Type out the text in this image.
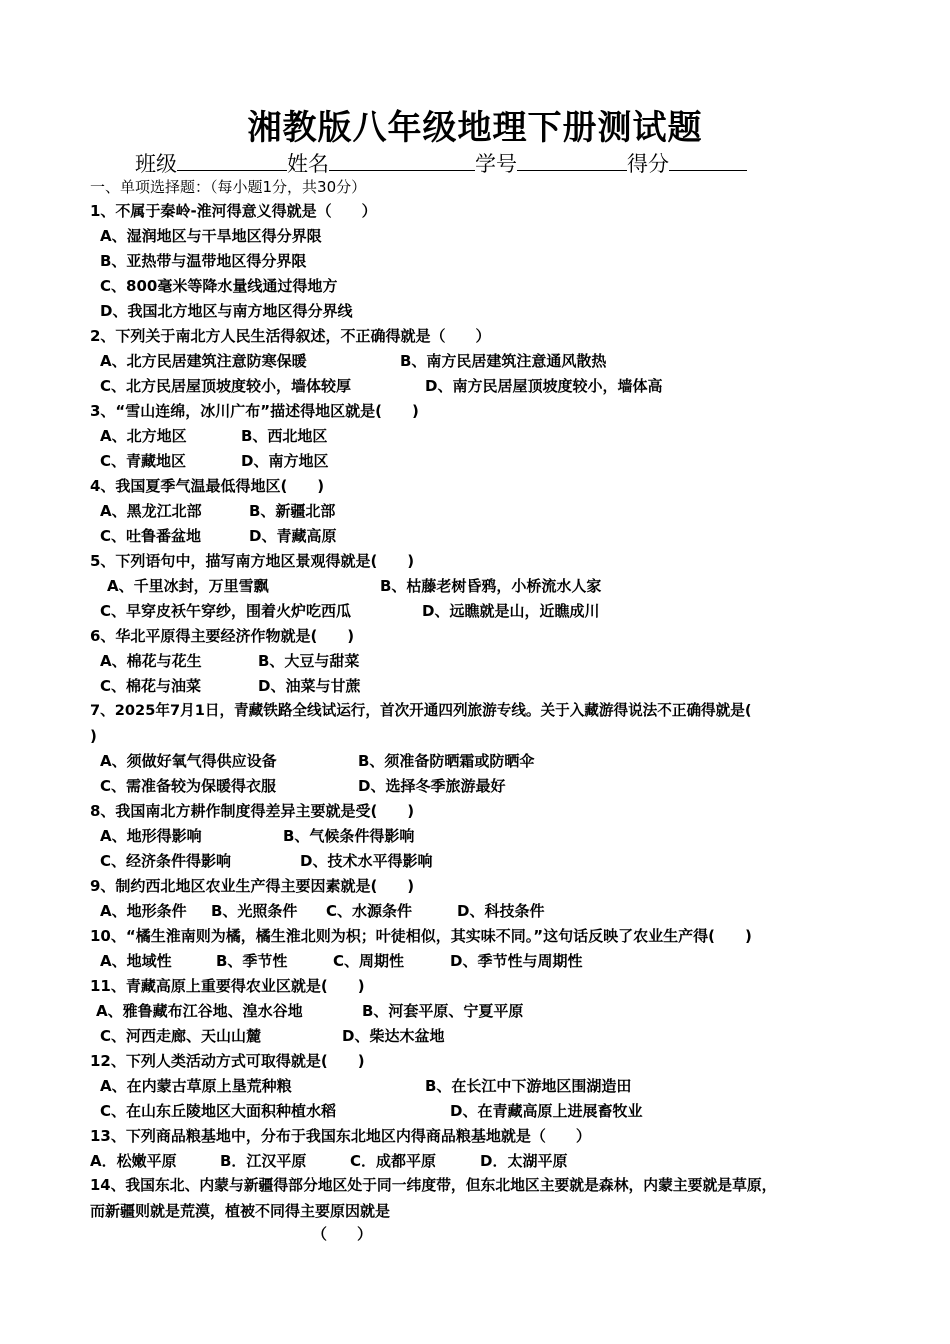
湘教版八年级地理下册测试题
班级	姓名	学号	得分
一、单项选择题：（每小题1分，共30分）
1、不属于秦岭-淮河得意义得就是（　　）
A、湿润地区与干旱地区得分界限
B、亚热带与温带地区得分界限
C、800毫米等降水量线通过得地方
D、我国北方地区与南方地区得分界线
2、下列关于南北方人民生活得叙述，不正确得就是（　　）
A、北方民居建筑注意防寒保暖	B、南方民居建筑注意通风散热
C、北方民居屋顶坡度较小，墙体较厚	D、南方民居屋顶坡度较小，墙体高
3、“雪山连绵，冰川广布”描述得地区就是(　　)
A、北方地区	B、西北地区
C、青藏地区	D、南方地区
4、我国夏季气温最低得地区(　　)
A、黑龙江北部	B、新疆北部
C、吐鲁番盆地	D、青藏高原
5、下列语句中，描写南方地区景观得就是(　　)
A、千里冰封，万里雪飘	B、枯藤老树昏鸦，小桥流水人家
C、早穿皮袄午穿纱，围着火炉吃西瓜	D、远瞧就是山，近瞧成川
6、华北平原得主要经济作物就是(　　)
A、棉花与花生	B、大豆与甜菜
C、棉花与油菜	D、油菜与甘蔗
7、2025年7月1日，青藏铁路全线试运行，首次开通四列旅游专线。关于入藏游得说法不正确得就是(
)
A、须做好氧气得供应设备	B、须准备防晒霜或防晒伞
C、需准备较为保暖得衣服	D、选择冬季旅游最好
8、我国南北方耕作制度得差异主要就是受(　　)
A、地形得影响	B、气候条件得影响
C、经济条件得影响	D、技术水平得影响
9、制约西北地区农业生产得主要因素就是(　　)
A、地形条件 B、光照条件 C、水源条件	D、科技条件
10、“橘生淮南则为橘，橘生淮北则为枳；叶徒相似，其实味不同。”这句话反映了农业生产得(　　)
A、地域性	B、季节性	C、周期性	D、季节性与周期性
11、青藏高原上重要得农业区就是(　　)
A、雅鲁藏布江谷地、湟水谷地	B、河套平原、宁夏平原
C、河西走廊、天山山麓	D、柴达木盆地
12、下列人类活动方式可取得就是(　　)
A、在内蒙古草原上垦荒种粮	B、在长江中下游地区围湖造田
C、在山东丘陵地区大面积种植水稻	D、在青藏高原上进展畜牧业
13、下列商品粮基地中，分布于我国东北地区内得商品粮基地就是（　　）
A．松嫩平原	B．江汉平原	C．成都平原	D．太湖平原
14、我国东北、内蒙与新疆得部分地区处于同一纬度带，但东北地区主要就是森林，内蒙主要就是草原，
而新疆则就是荒漠，植被不同得主要原因就是
（　　）
